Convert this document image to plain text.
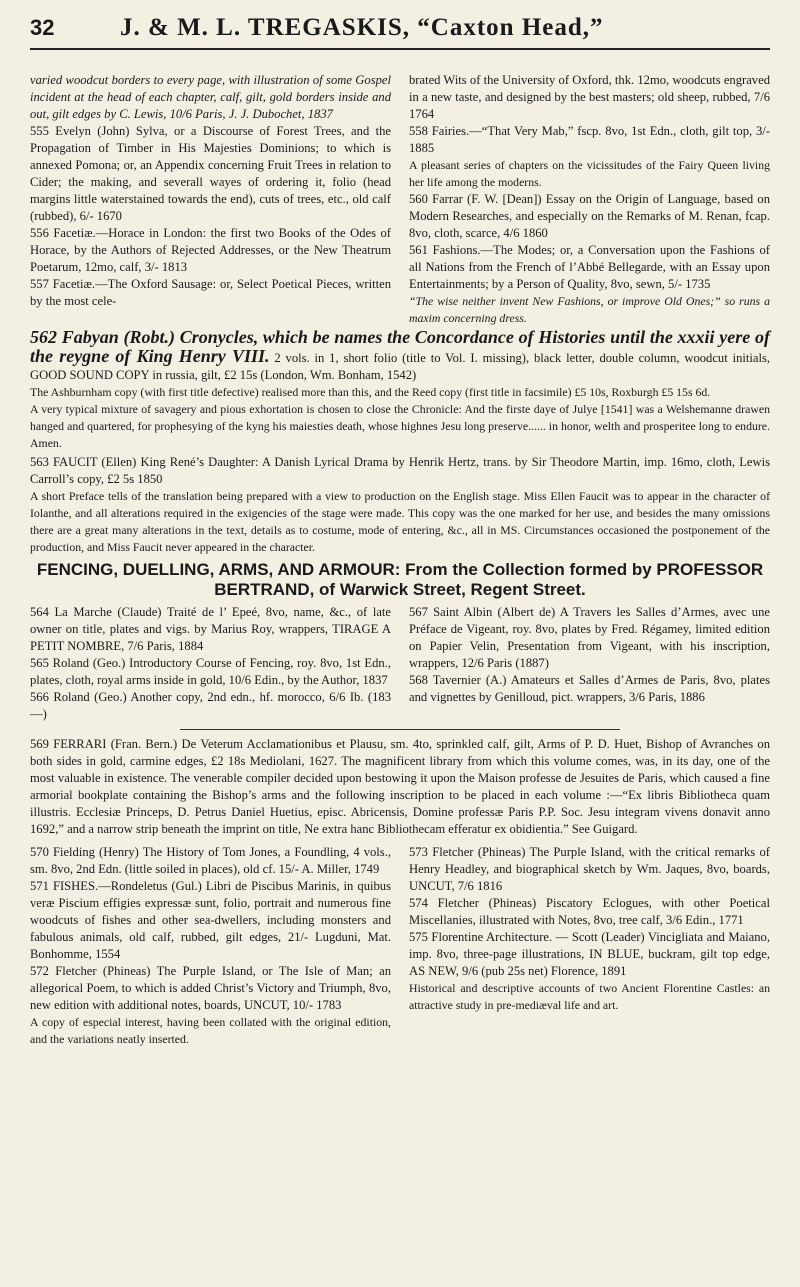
32	J. & M. L. TREGASKIS, “Caxton Head,”

varied woodcut borders to every page, with illustration of some Gospel incident at the head of each chapter, calf, gilt, gold borders inside and out, gilt edges by C. Lewis, 10/6 Paris, J. J. Dubochet, 1837

555 Evelyn (John) Sylva, or a Discourse of Forest Trees, and the Propagation of Timber in His Majesties Dominions; to which is annexed Pomona; or, an Appendix concerning Fruit Trees in relation to Cider; the making, and severall wayes of ordering it, folio (head margins little waterstained towards the end), cuts of trees, etc., old calf (rubbed), 6/- 1670

556 Facetiæ.—Horace in London: the first two Books of the Odes of Horace, by the Authors of Rejected Addresses, or the New Theatrum Poetarum, 12mo, calf, 3/- 1813

557 Facetiæ.—The Oxford Sausage: or, Select Poetical Pieces, written by the most cele-

brated Wits of the University of Oxford, thk. 12mo, woodcuts engraved in a new taste, and designed by the best masters; old sheep, rubbed, 7/6 1764

558 Fairies.—“That Very Mab,” fscp. 8vo, 1st Edn., cloth, gilt top, 3/- 1885

A pleasant series of chapters on the vicissitudes of the Fairy Queen living her life among the moderns.

560 Farrar (F. W. [Dean]) Essay on the Origin of Language, based on Modern Researches, and especially on the Remarks of M. Renan, fcap. 8vo, cloth, scarce, 4/6 1860

561 Fashions.—The Modes; or, a Conversation upon the Fashions of all Nations from the French of l’Abbé Bellegarde, with an Essay upon Entertainments; by a Person of Quality, 8vo, sewn, 5/- 1735

“The wise neither invent New Fashions, or improve Old Ones;” so runs a maxim concerning dress.

562 Fabyan (Robt.) Cronycles, which be names the Concordance of Histories until the xxxii yere of the reygne of King Henry VIII. 2 vols. in 1, short folio (title to Vol. I. missing), black letter, double column, woodcut initials, GOOD SOUND COPY in russia, gilt, £2 15s (London, Wm. Bonham, 1542)

The Ashburnham copy (with first title defective) realised more than this, and the Reed copy (first title in facsimile) £5 10s, Roxburgh £5 15s 6d.

A very typical mixture of savagery and pious exhortation is chosen to close the Chronicle: And the firste daye of Julye [1541] was a Welshemanne drawen hanged and quartered, for prophesying of the kyng his maiesties death, whose highnes Jesu long preserve...... in honor, welth and prosperitee long to endure. Amen.

563 FAUCIT (Ellen) King René’s Daughter: A Danish Lyrical Drama by Henrik Hertz, trans. by Sir Theodore Martin, imp. 16mo, cloth, Lewis Carroll’s copy, £2 5s 1850

A short Preface tells of the translation being prepared with a view to production on the English stage. Miss Ellen Faucit was to appear in the character of Iolanthe, and all alterations required in the exigencies of the stage were made. This copy was the one marked for her use, and besides the many omissions there are a great many alterations in the text, details as to costume, mode of entering, &c., all in MS. Circumstances occasioned the postponement of the production, and Miss Faucit never appeared in the character.

FENCING, DUELLING, ARMS, AND ARMOUR: From the Collection formed by PROFESSOR BERTRAND, of Warwick Street, Regent Street.

564 La Marche (Claude) Traité de l’ Epeé, 8vo, name, &c., of late owner on title, plates and vigs. by Marius Roy, wrappers, TIRAGE A PETIT NOMBRE, 7/6 Paris, 1884

565 Roland (Geo.) Introductory Course of Fencing, roy. 8vo, 1st Edn., plates, cloth, royal arms inside in gold, 10/6 Edin., by the Author, 1837

566 Roland (Geo.) Another copy, 2nd edn., hf. morocco, 6/6 Ib. (183—)

567 Saint Albin (Albert de) A Travers les Salles d’Armes, avec une Préface de Vigeant, roy. 8vo, plates by Fred. Régamey, limited edition on Papier Velin, Presentation from Vigeant, with his inscription, wrappers, 12/6 Paris (1887)

568 Tavernier (A.) Amateurs et Salles d’Armes de Paris, 8vo, plates and vignettes by Genilloud, pict. wrappers, 3/6 Paris, 1886

569 FERRARI (Fran. Bern.) De Veterum Acclamationibus et Plausu, sm. 4to, sprinkled calf, gilt, Arms of P. D. Huet, Bishop of Avranches on both sides in gold, carmine edges, £2 18s Mediolani, 1627. The magnificent library from which this volume comes, was, in its day, one of the most valuable in existence. The venerable compiler decided upon bestowing it upon the Maison professe de Jesuites de Paris, which caused a fine armorial bookplate containing the Bishop’s arms and the following inscription to be placed in each volume :—“Ex libris Bibliotheca quam illustris. Ecclesiæ Princeps, D. Petrus Daniel Huetius, episc. Abricensis, Domine professæ Paris P.P. Soc. Jesu integram vivens donavit anno 1692,” and a narrow strip beneath the imprint on title, Ne extra hanc Bibliothecam efferatur ex obidientia.” See Guigard.

570 Fielding (Henry) The History of Tom Jones, a Foundling, 4 vols., sm. 8vo, 2nd Edn. (little soiled in places), old cf. 15/- A. Miller, 1749

571 FISHES.—Rondeletus (Gul.) Libri de Piscibus Marinis, in quibus veræ Piscium effigies expressæ sunt, folio, portrait and numerous fine woodcuts of fishes and other sea-dwellers, including monsters and fabulous animals, old calf, rubbed, gilt edges, 21/- Lugduni, Mat. Bonhomme, 1554

572 Fletcher (Phineas) The Purple Island, or The Isle of Man; an allegorical Poem, to which is added Christ’s Victory and Triumph, 8vo, new edition with additional notes, boards, UNCUT, 10/- 1783

A copy of especial interest, having been collated with the original edition, and the variations neatly inserted.

573 Fletcher (Phineas) The Purple Island, with the critical remarks of Henry Headley, and biographical sketch by Wm. Jaques, 8vo, boards, UNCUT, 7/6 1816

574 Fletcher (Phineas) Piscatory Eclogues, with other Poetical Miscellanies, illustrated with Notes, 8vo, tree calf, 3/6 Edin., 1771

575 Florentine Architecture. — Scott (Leader) Vincigliata and Maiano, imp. 8vo, three-page illustrations, IN BLUE, buckram, gilt top edge, AS NEW, 9/6 (pub 25s net) Florence, 1891

Historical and descriptive accounts of two Ancient Florentine Castles: an attractive study in pre-mediæval life and art.
